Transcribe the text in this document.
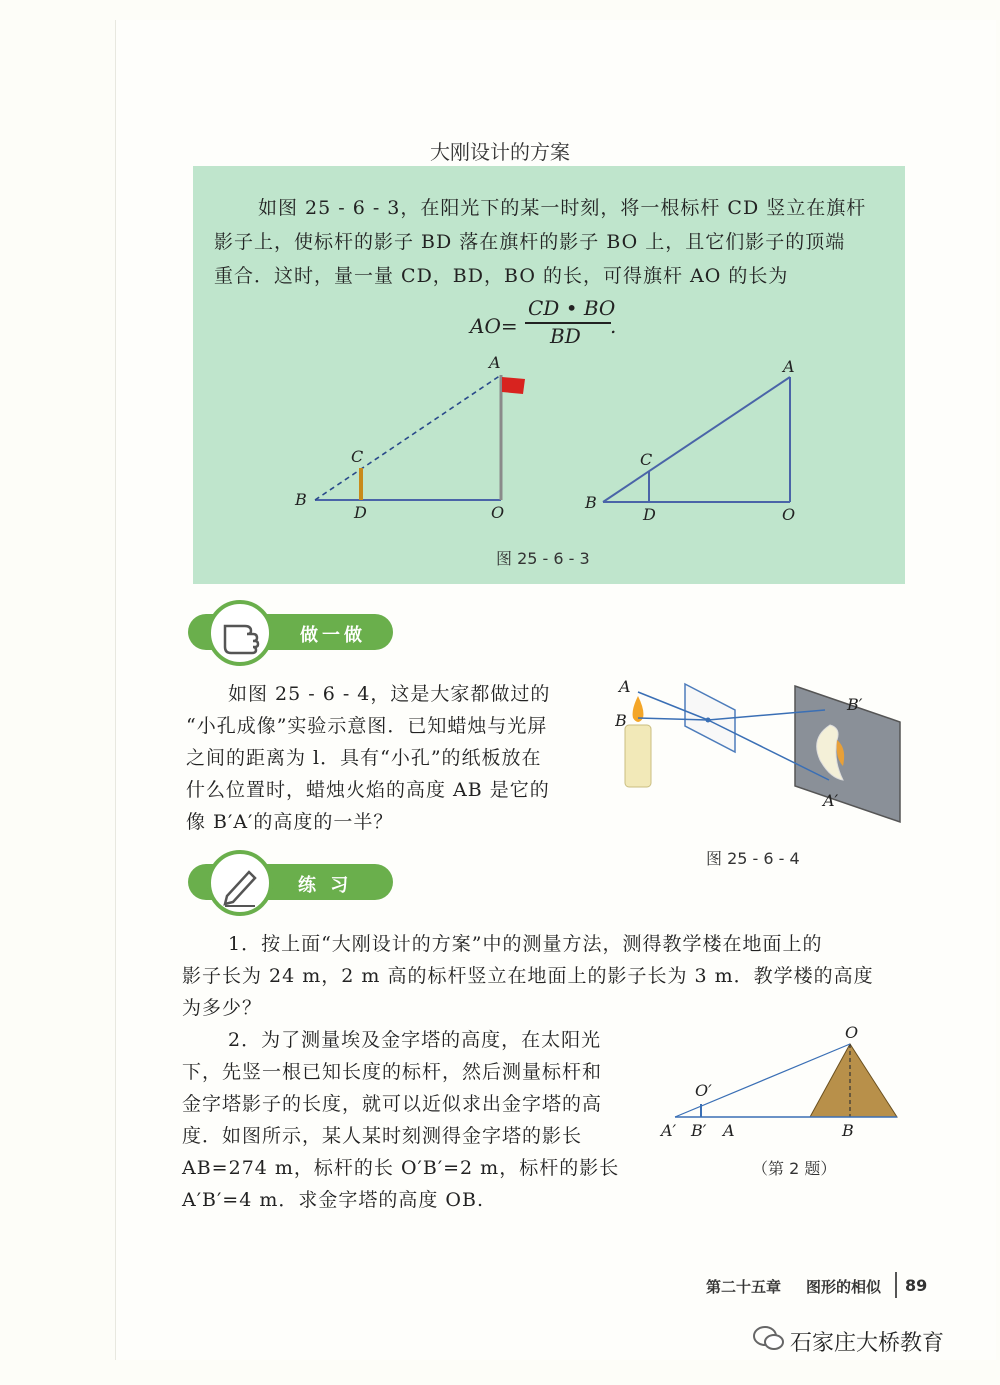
大刚设计的方案
如图 25 - 6 - 3，在阳光下的某一时刻，将一根标杆 CD 竖立在旗杆
影子上，使标杆的影子 BD 落在旗杆的影子 BO 上，且它们影子的顶端
重合．这时，量一量 CD，BD，BO 的长，可得旗杆 AO 的长为
AO=
CD • BO
BD .
A
B
C
D	O
A
B
C
D	O
图 25 - 6 - 3
做一做
如图 25 - 6 - 4，这是大家都做过的
“小孔成像”实验示意图．已知蜡烛与光屏
之间的距离为 l．具有“小孔”的纸板放在
什么位置时，蜡烛火焰的高度 AB 是它的
像 B′A′的高度的一半？
A
B
B′
A′
图 25 - 6 - 4
练 习
1．按上面“大刚设计的方案”中的测量方法，测得教学楼在地面上的
影子长为 24 m，2 m 高的标杆竖立在地面上的影子长为 3 m．教学楼的高度
为多少？
2．为了测量埃及金字塔的高度，在太阳光
下，先竖一根已知长度的标杆，然后测量标杆和
金字塔影子的长度，就可以近似求出金字塔的高
度．如图所示，某人某时刻测得金字塔的影长
AB=274 m，标杆的长 O′B′=2 m，标杆的影长
A′B′=4 m．求金字塔的高度 OB.
O
O′
A′ B′ A	B
（第 2 题）
第二十五章 图形的相似 89
石家庄大桥教育
